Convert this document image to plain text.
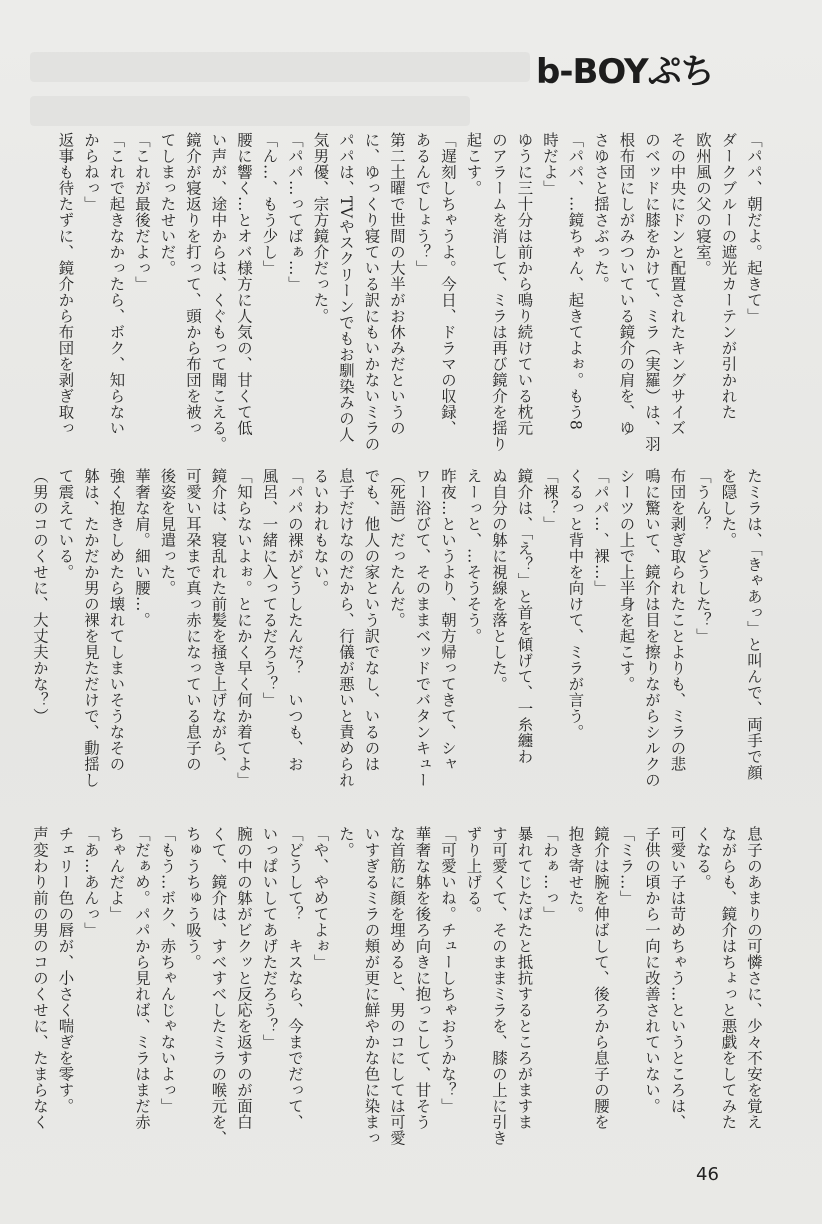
b-BOYぷち
「パパ、朝だよ。起きて」
ダークブルーの遮光カーテンが引かれた
欧州風の父の寝室。
その中央にドンと配置されたキングサイズ
のベッドに膝をかけて、ミラ（実羅）は、羽
根布団にしがみついている鏡介の肩を、ゆ
さゆさと揺さぶった。
「パパ、…鏡ちゃん、起きてよぉ。もう8
時だよ」
ゆうに三十分は前から鳴り続けている枕元
のアラームを消して、ミラは再び鏡介を揺り
起こす。
「遅刻しちゃうよ。今日、ドラマの収録、
あるんでしょう？」
第二土曜で世間の大半がお休みだというの
に、ゆっくり寝ている訳にもいかないミラの
パパは、TVやスクリーンでもお馴染みの人
気男優、宗方鏡介だった。
「パパ…ってばぁ…」
「ん…、もう少し」
腰に響く…とオバ様方に人気の、甘くて低
い声が、途中からは、くぐもって聞こえる。
鏡介が寝返りを打って、頭から布団を被っ
てしまったせいだ。
「これが最後だよっ」
「これで起きなかったら、ボク、知らない
からねっ」
返事も待たずに、鏡介から布団を剥ぎ取っ
たミラは、「きゃあっ」と叫んで、両手で顔
を隠した。
「うん？　どうした？」
布団を剥ぎ取られたことよりも、ミラの悲
鳴に驚いて、鏡介は目を擦りながらシルクの
シーツの上で上半身を起こす。
「パパ…、裸…」
くるっと背中を向けて、ミラが言う。
「裸？」
鏡介は、「え？」と首を傾げて、一糸纏わ
ぬ自分の躰に視線を落とした。
えーっと、…そうそう。
昨夜…というより、朝方帰ってきて、シャ
ワー浴びて、そのままベッドでバタンキュー
（死語）だったんだ。
でも、他人の家という訳でなし、いるのは
息子だけなのだから、行儀が悪いと責められ
るいわれもない。
「パパの裸がどうしたんだ？　いつも、お
風呂、一緒に入ってるだろう？」
「知らないよぉ。とにかく早く何か着てよ」
鏡介は、寝乱れた前髪を掻き上げながら、
可愛い耳朶まで真っ赤になっている息子の
後姿を見遣った。
華奢な肩。細い腰…。
強く抱きしめたら壊れてしまいそうなその
躰は、たかだか男の裸を見ただけで、動揺し
て震えている。
（男のコのくせに、大丈夫かな？）
息子のあまりの可憐さに、少々不安を覚え
ながらも、鏡介はちょっと悪戯をしてみた
くなる。
可愛い子は苛めちゃう…というところは、
子供の頃から一向に改善されていない。
「ミラ…」
鏡介は腕を伸ばして、後ろから息子の腰を
抱き寄せた。
「わぁ…っ」
暴れてじたばたと抵抗するところがますま
す可愛くて、そのままミラを、膝の上に引き
ずり上げる。
「可愛いね。チューしちゃおうかな？」
華奢な躰を後ろ向きに抱っこして、甘そう
な首筋に顔を埋めると、男のコにしては可愛
いすぎるミラの頬が更に鮮やかな色に染まっ
た。
「や、やめてよぉ」
「どうして？　キスなら、今までだって、
いっぱいしてあげただろう？」
腕の中の躰がビクッと反応を返すのが面白
くて、鏡介は、すべすべしたミラの喉元を、
ちゅうちゅう吸う。
「もう…ボク、赤ちゃんじゃないよっ」
「だぁめ。パパから見れば、ミラはまだ赤
ちゃんだよ」
「あ…あんっ」
チェリー色の唇が、小さく喘ぎを零す。
声変わり前の男のコのくせに、たまらなく
46
